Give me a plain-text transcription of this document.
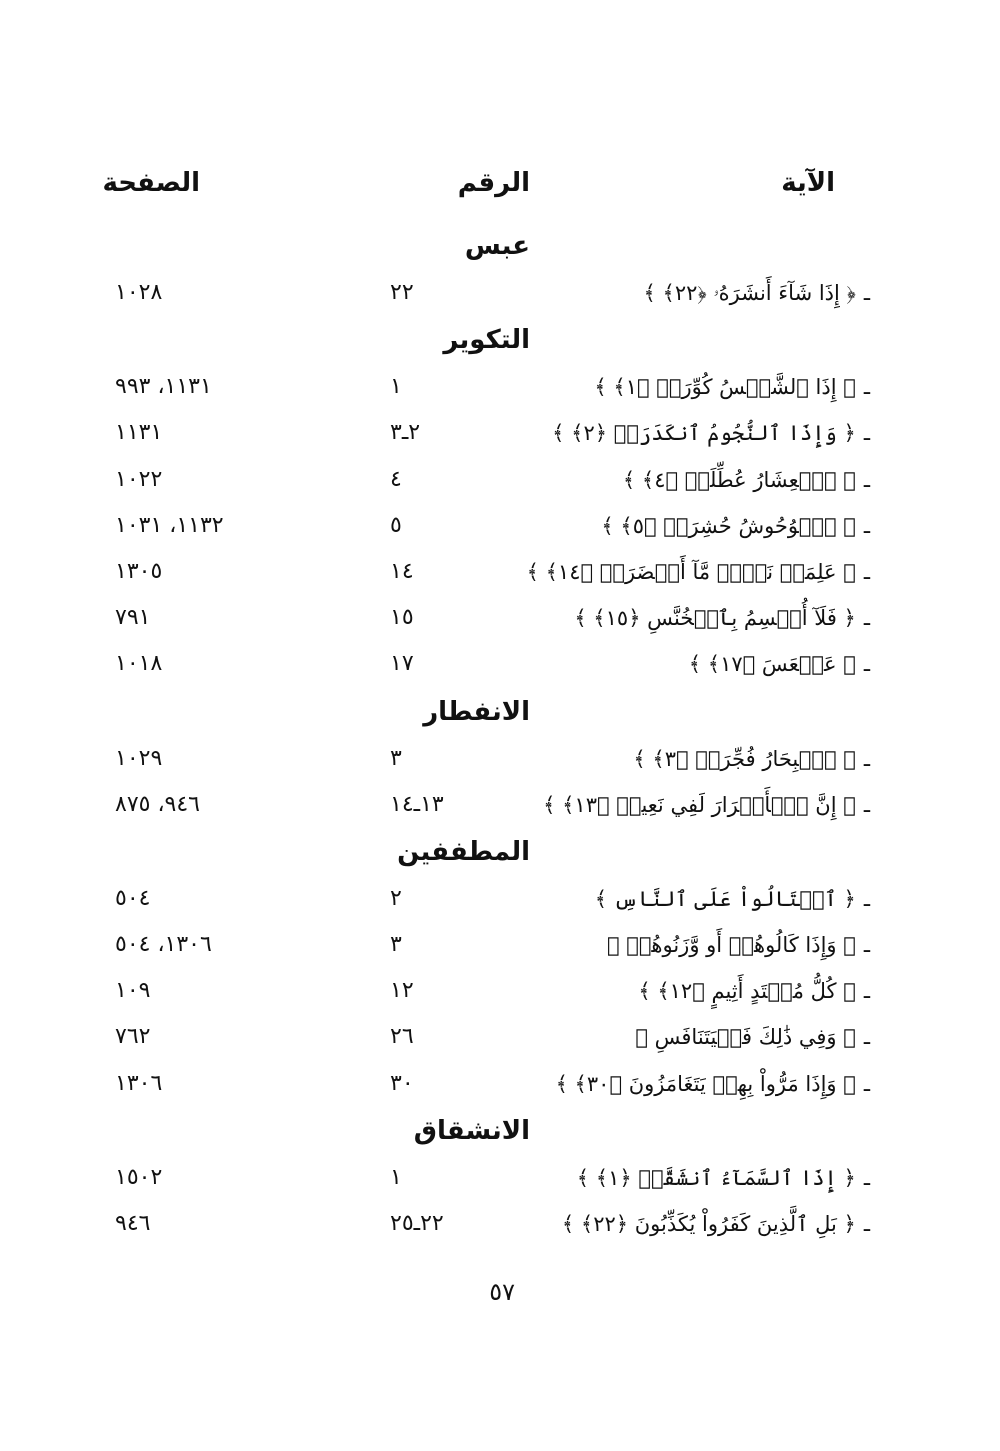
الآية
الرقم
الصفحة
عبس
ـ﴿ إِذَا شَآءَ أَنشَرَهُۥ ﴿٢٢﴾ ﴾
٢٢
١٠٢٨
التكوير
ـ﴿ إِذَا ٱلشَّمۡسُ كُوِّرَتۡ ﴿١﴾ ﴾
١
١١٣١، ٩٩٣
ـ﴿ وَإِذَا ٱلنُّجُومُ ٱنكَدَرَتۡ ﴿٢﴾ ﴾
٢ـ٣
١١٣١
ـ﴿ ٱلۡعِشَارُ عُطِّلَتۡ ﴿٤﴾ ﴾
٤
١٠٢٢
ـ﴿ ٱلۡوُحُوشُ حُشِرَتۡ ﴿٥﴾ ﴾
٥
١١٣٢، ١٠٣١
ـ﴿ عَلِمَتۡ نَفۡسٞ مَّآ أَحۡضَرَتۡ ﴿١٤﴾ ﴾
١٤
١٣٠٥
ـ﴿ فَلَآ أُقۡسِمُ بِٱلۡخُنَّسِ ﴿١٥﴾ ﴾
١٥
٧٩١
ـ﴿ عَسۡعَسَ ﴿١٧﴾ ﴾
١٧
١٠١٨
الانفطار
ـ﴿ ٱلۡبِحَارُ فُجِّرَتۡ ﴿٣﴾ ﴾
٣
١٠٢٩
ـ﴿ إِنَّ ٱلۡأَبۡرَارَ لَفِي نَعِيمٖ ﴿١٣﴾ ﴾
١٣ـ١٤
٩٤٦، ٨٧٥
المطففين
ـ﴿ ٱكۡتَالُواْ عَلَى ٱلنَّاسِ ﴾
٢
٥٠٤
ـ﴿ وَإِذَا كَالُوهُمۡ أَو وَّزَنُوهُمۡ ﴾
٣
١٣٠٦، ٥٠٤
ـ﴿ كُلُّ مُعۡتَدٍ أَثِيمٍ ﴿١٢﴾ ﴾
١٢
١٠٩
ـ﴿ وَفِي ذَٰلِكَ فَلۡيَتَنَافَسِ ﴾
٢٦
٧٦٢
ـ﴿ وَإِذَا مَرُّواْ بِهِمۡ يَتَغَامَزُونَ ﴿٣٠﴾ ﴾
٣٠
١٣٠٦
الانشقاق
ـ﴿ إِذَا ٱلسَّمَآءُ ٱنشَقَّتۡ ﴿١﴾ ﴾
١
١٥٠٢
ـ﴿ بَلِ ٱلَّذِينَ كَفَرُواْ يُكَذِّبُونَ ﴿٢٢﴾ ﴾
٢٢ـ٢٥
٩٤٦
٥٧
